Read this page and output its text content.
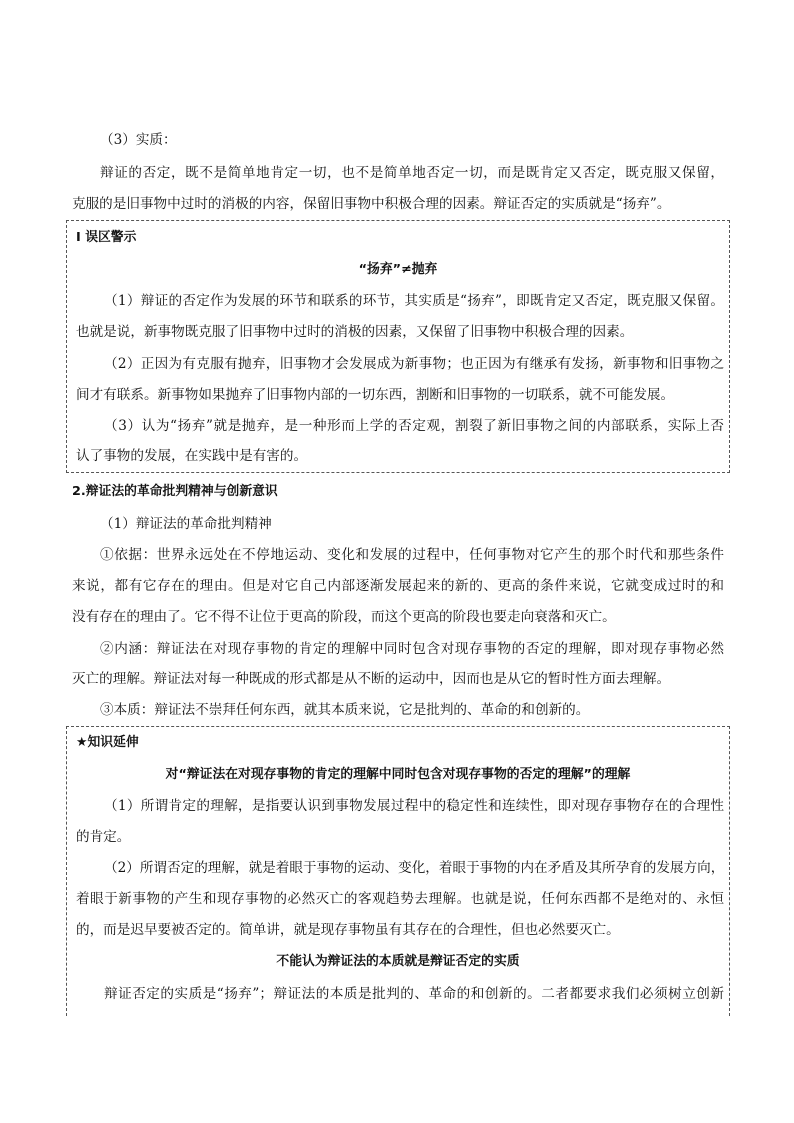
（3）实质：
辩证的否定，既不是简单地肯定一切，也不是简单地否定一切，而是既肯定又否定，既克服又保留，
克服的是旧事物中过时的消极的内容，保留旧事物中积极合理的因素。辩证否定的实质就是“扬弃”。
Ⅰ 误区警示
“扬弃”≠抛弃
（1）辩证的否定作为发展的环节和联系的环节，其实质是“扬弃”，即既肯定又否定，既克服又保留。
也就是说，新事物既克服了旧事物中过时的消极的因素，又保留了旧事物中积极合理的因素。
（2）正因为有克服有抛弃，旧事物才会发展成为新事物；也正因为有继承有发扬，新事物和旧事物之
间才有联系。新事物如果抛弃了旧事物内部的一切东西，割断和旧事物的一切联系，就不可能发展。
（3）认为“扬弃”就是抛弃，是一种形而上学的否定观，割裂了新旧事物之间的内部联系，实际上否
认了事物的发展，在实践中是有害的。
2.辩证法的革命批判精神与创新意识
（1）辩证法的革命批判精神
①依据：世界永远处在不停地运动、变化和发展的过程中，任何事物对它产生的那个时代和那些条件
来说，都有它存在的理由。但是对它自己内部逐渐发展起来的新的、更高的条件来说，它就变成过时的和
没有存在的理由了。它不得不让位于更高的阶段，而这个更高的阶段也要走向衰落和灭亡。
②内涵：辩证法在对现存事物的肯定的理解中同时包含对现存事物的否定的理解，即对现存事物必然
灭亡的理解。辩证法对每一种既成的形式都是从不断的运动中，因而也是从它的暂时性方面去理解。
③本质：辩证法不崇拜任何东西，就其本质来说，它是批判的、革命的和创新的。
★知识延伸
对“辩证法在对现存事物的肯定的理解中同时包含对现存事物的否定的理解”的理解
（1）所谓肯定的理解，是指要认识到事物发展过程中的稳定性和连续性，即对现存事物存在的合理性
的肯定。
（2）所谓否定的理解，就是着眼于事物的运动、变化，着眼于事物的内在矛盾及其所孕育的发展方向，
着眼于新事物的产生和现存事物的必然灭亡的客观趋势去理解。也就是说，任何东西都不是绝对的、永恒
的，而是迟早要被否定的。简单讲，就是现存事物虽有其存在的合理性，但也必然要灭亡。
不能认为辩证法的本质就是辩证否定的实质
辩证否定的实质是“扬弃”；辩证法的本质是批判的、革命的和创新的。二者都要求我们必须树立创新
